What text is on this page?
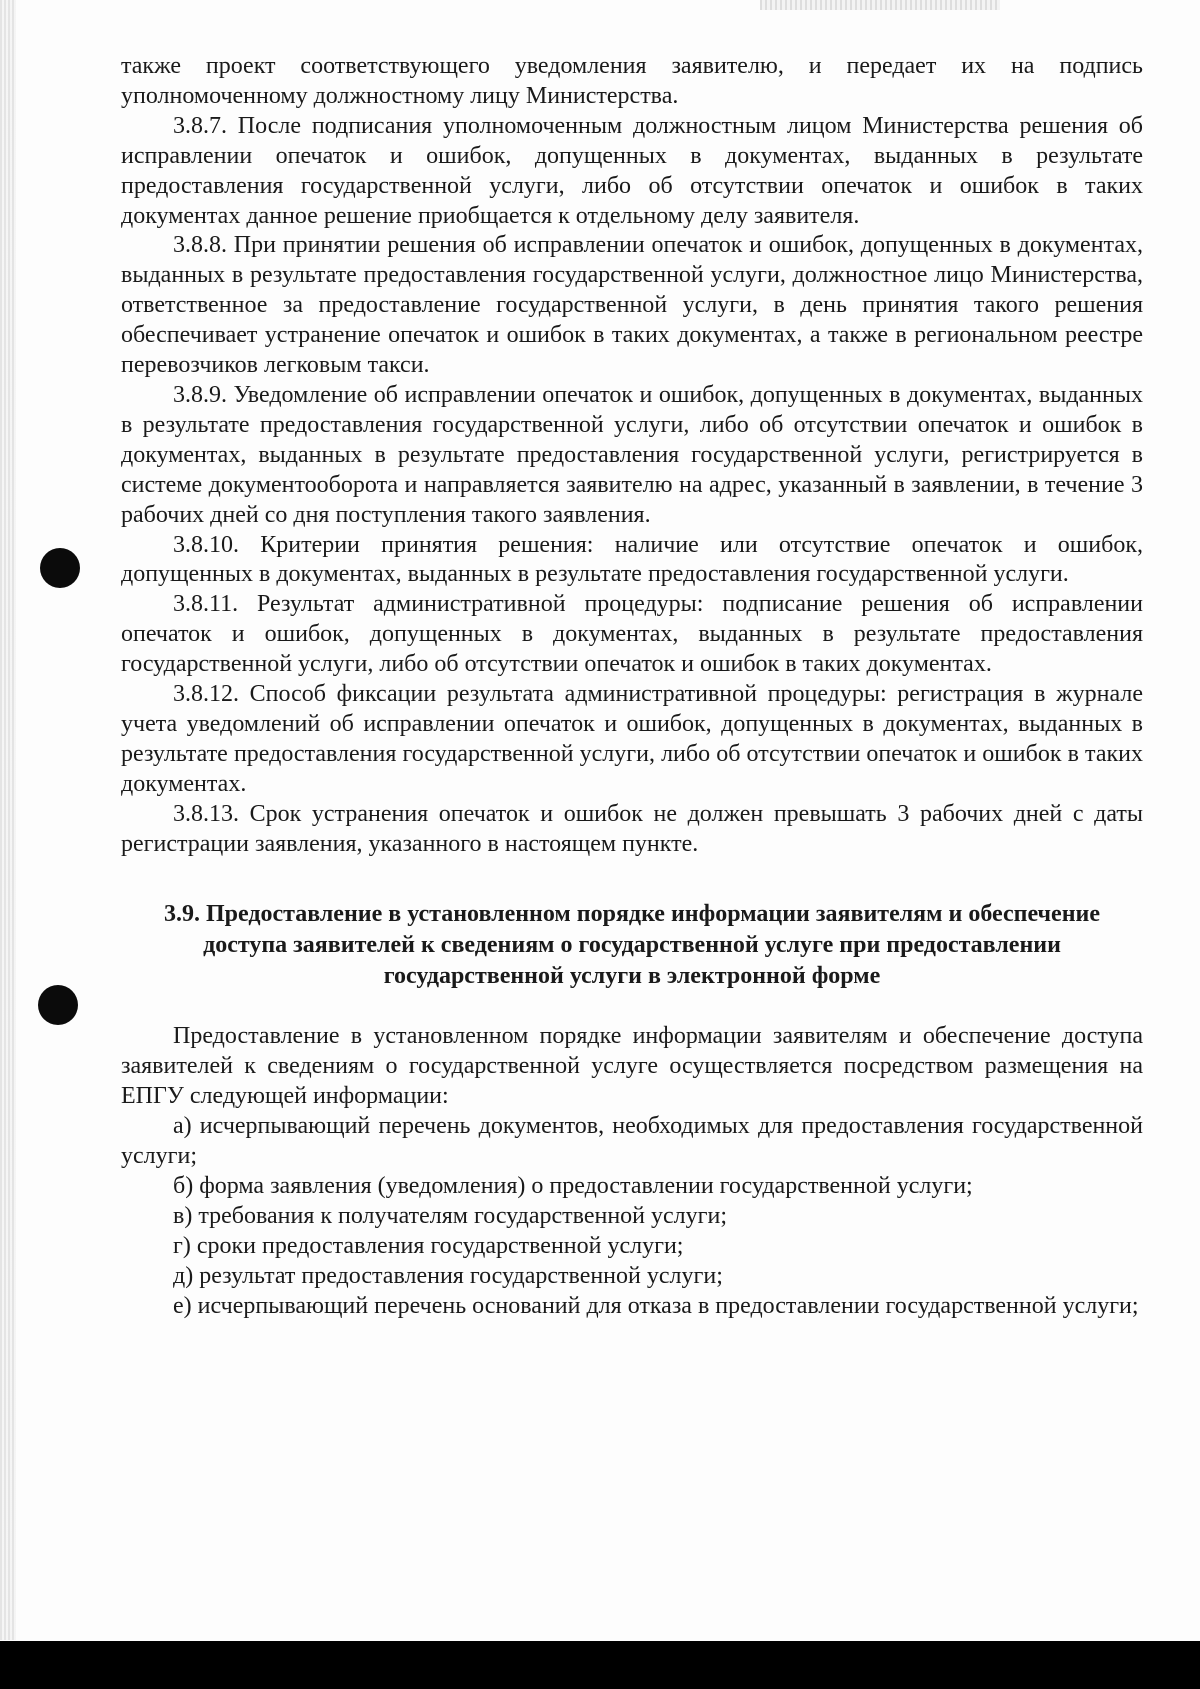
также проект соответствующего уведомления заявителю, и передает их на подпись уполномоченному должностному лицу Министерства.

3.8.7. После подписания уполномоченным должностным лицом Министерства решения об исправлении опечаток и ошибок, допущенных в документах, выданных в результате предоставления государственной услуги, либо об отсутствии опечаток и ошибок в таких документах данное решение приобщается к отдельному делу заявителя.

3.8.8. При принятии решения об исправлении опечаток и ошибок, допущенных в документах, выданных в результате предоставления государственной услуги, должностное лицо Министерства, ответственное за предоставление государственной услуги, в день принятия такого решения обеспечивает устранение опечаток и ошибок в таких документах, а также в региональном реестре перевозчиков легковым такси.

3.8.9. Уведомление об исправлении опечаток и ошибок, допущенных в документах, выданных в результате предоставления государственной услуги, либо об отсутствии опечаток и ошибок в документах, выданных в результате предоставления государственной услуги, регистрируется в системе документооборота и направляется заявителю на адрес, указанный в заявлении, в течение 3 рабочих дней со дня поступления такого заявления.

3.8.10. Критерии принятия решения: наличие или отсутствие опечаток и ошибок, допущенных в документах, выданных в результате предоставления государственной услуги.

3.8.11. Результат административной процедуры: подписание решения об исправлении опечаток и ошибок, допущенных в документах, выданных в результате предоставления государственной услуги, либо об отсутствии опечаток и ошибок в таких документах.

3.8.12. Способ фиксации результата административной процедуры: регистрация в журнале учета уведомлений об исправлении опечаток и ошибок, допущенных в документах, выданных в результате предоставления государственной услуги, либо об отсутствии опечаток и ошибок в таких документах.

3.8.13. Срок устранения опечаток и ошибок не должен превышать 3 рабочих дней с даты регистрации заявления, указанного в настоящем пункте.

3.9. Предоставление в установленном порядке информации заявителям и обеспечение доступа заявителей к сведениям о государственной услуге при предоставлении государственной услуги в электронной форме

Предоставление в установленном порядке информации заявителям и обеспечение доступа заявителей к сведениям о государственной услуге осуществляется посредством размещения на ЕПГУ следующей информации:

а) исчерпывающий перечень документов, необходимых для предоставления государственной услуги;

б) форма заявления (уведомления) о предоставлении государственной услуги;

в) требования к получателям государственной услуги;

г) сроки предоставления государственной услуги;

д) результат предоставления государственной услуги;

е) исчерпывающий перечень оснований для отказа в предоставлении государственной услуги;
